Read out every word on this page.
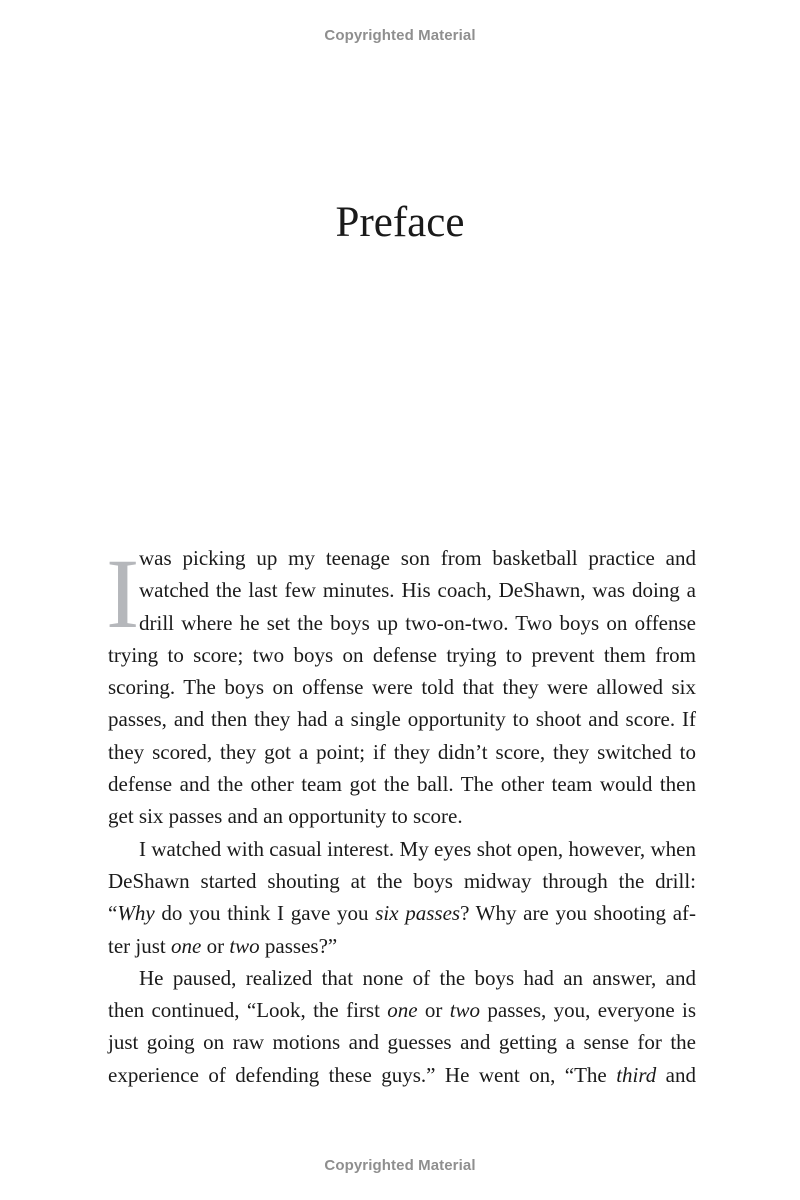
Copyrighted Material
Preface
I was picking up my teenage son from basketball practice and
watched the last few minutes. His coach, DeShawn, was doing a
drill where he set the boys up two-on-two. Two boys on offense
trying to score; two boys on defense trying to prevent them from
scoring. The boys on offense were told that they were allowed six
passes, and then they had a single opportunity to shoot and score. If
they scored, they got a point; if they didn’t score, they switched to
defense and the other team got the ball. The other team would then
get six passes and an opportunity to score.
I watched with casual interest. My eyes shot open, however, when
DeShawn started shouting at the boys midway through the drill:
“Why do you think I gave you six passes? Why are you shooting af-
ter just one or two passes?”
He paused, realized that none of the boys had an answer, and
then continued, “Look, the first one or two passes, you, everyone is
just going on raw motions and guesses and getting a sense for the
experience of defending these guys.” He went on, “The third and
Copyrighted Material
